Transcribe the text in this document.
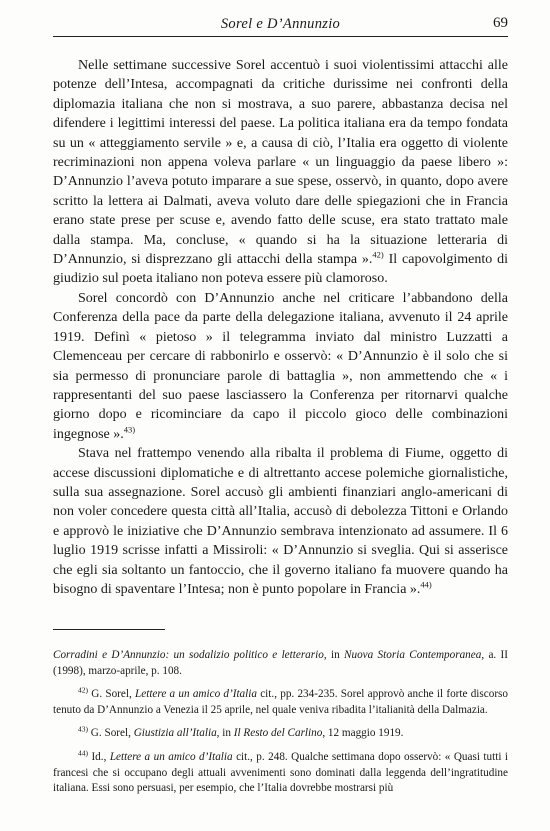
Sorel e D’Annunzio	69

Nelle settimane successive Sorel accentuò i suoi violentissimi attacchi alle potenze dell’Intesa, accompagnati da critiche durissime nei confronti della diplomazia italiana che non si mostrava, a suo parere, abbastanza decisa nel difendere i legittimi interessi del paese. La politica italiana era da tempo fondata su un « atteggiamento servile » e, a causa di ciò, l’Italia era oggetto di violente recriminazioni non appena voleva parlare « un linguaggio da paese libero »: D’Annunzio l’aveva potuto imparare a sue spese, osservò, in quanto, dopo avere scritto la lettera ai Dalmati, aveva voluto dare delle spiegazioni che in Francia erano state prese per scuse e, avendo fatto delle scuse, era stato trattato male dalla stampa. Ma, concluse, « quando si ha la situazione letteraria di D’Annunzio, si disprezzano gli attacchi della stampa ».$^{42)}$ Il capovolgimento di giudizio sul poeta italiano non poteva essere più clamoroso.

Sorel concordò con D’Annunzio anche nel criticare l’abbandono della Conferenza della pace da parte della delegazione italiana, avvenuto il 24 aprile 1919. Definì « pietoso » il telegramma inviato dal ministro Luzzatti a Clemenceau per cercare di rabbonirlo e osservò: « D’Annunzio è il solo che si sia permesso di pronunciare parole di battaglia », non ammettendo che « i rappresentanti del suo paese lasciassero la Conferenza per ritornarvi qualche giorno dopo e ricominciare da capo il piccolo gioco delle combinazioni ingegnose ».$^{43)}$

Stava nel frattempo venendo alla ribalta il problema di Fiume, oggetto di accese discussioni diplomatiche e di altrettanto accese polemiche giornalistiche, sulla sua assegnazione. Sorel accusò gli ambienti finanziari anglo-americani di non voler concedere questa città all’Italia, accusò di debolezza Tittoni e Orlando e approvò le iniziative che D’Annunzio sembrava intenzionato ad assumere. Il 6 luglio 1919 scrisse infatti a Missiroli: « D’Annunzio si sveglia. Qui si asserisce che egli sia soltanto un fantoccio, che il governo italiano fa muovere quando ha bisogno di spaventare l’Intesa; non è punto popolare in Francia ».$^{44)}$

Corradini e D’Annunzio: un sodalizio politico e letterario, in Nuova Storia Contemporanea, a. II (1998), marzo-aprile, p. 108.

$^{42)}$ G. Sorel, Lettere a un amico d’Italia cit., pp. 234-235. Sorel approvò anche il forte discorso tenuto da D’Annunzio a Venezia il 25 aprile, nel quale veniva ribadita l’italianità della Dalmazia.

$^{43)}$ G. Sorel, Giustizia all’Italia, in Il Resto del Carlino, 12 maggio 1919.

$^{44)}$ Id., Lettere a un amico d’Italia cit., p. 248. Qualche settimana dopo osservò: « Quasi tutti i francesi che si occupano degli attuali avvenimenti sono dominati dalla leggenda dell’ingratitudine italiana. Essi sono persuasi, per esempio, che l’Italia dovrebbe mostrarsi più
